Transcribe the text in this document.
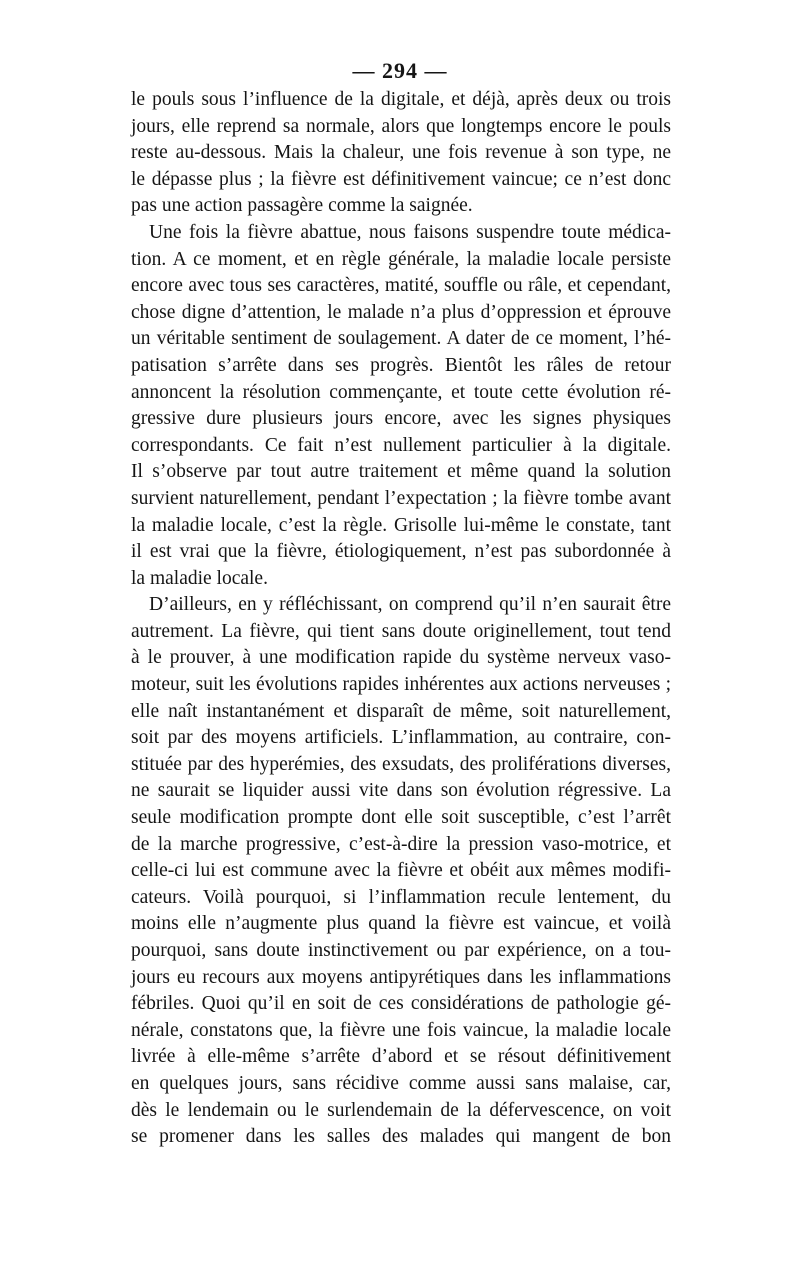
— 294 —

le pouls sous l’influence de la digitale, et déjà, après deux ou trois
jours, elle reprend sa normale, alors que longtemps encore le pouls
reste au-dessous. Mais la chaleur, une fois revenue à son type, ne
le dépasse plus ; la fièvre est définitivement vaincue; ce n’est donc
pas une action passagère comme la saignée.
Une fois la fièvre abattue, nous faisons suspendre toute médica-
tion. A ce moment, et en règle générale, la maladie locale persiste
encore avec tous ses caractères, matité, souffle ou râle, et cependant,
chose digne d’attention, le malade n’a plus d’oppression et éprouve
un véritable sentiment de soulagement. A dater de ce moment, l’hé-
patisation s’arrête dans ses progrès. Bientôt les râles de retour
annoncent la résolution commençante, et toute cette évolution ré-
gressive dure plusieurs jours encore, avec les signes physiques
correspondants. Ce fait n’est nullement particulier à la digitale.
Il s’observe par tout autre traitement et même quand la solution
survient naturellement, pendant l’expectation ; la fièvre tombe avant
la maladie locale, c’est la règle. Grisolle lui-même le constate, tant
il est vrai que la fièvre, étiologiquement, n’est pas subordonnée à
la maladie locale.
D’ailleurs, en y réfléchissant, on comprend qu’il n’en saurait être
autrement. La fièvre, qui tient sans doute originellement, tout tend
à le prouver, à une modification rapide du système nerveux vaso-
moteur, suit les évolutions rapides inhérentes aux actions nerveuses ;
elle naît instantanément et disparaît de même, soit naturellement,
soit par des moyens artificiels. L’inflammation, au contraire, con-
stituée par des hyperémies, des exsudats, des proliférations diverses,
ne saurait se liquider aussi vite dans son évolution régressive. La
seule modification prompte dont elle soit susceptible, c’est l’arrêt
de la marche progressive, c’est-à-dire la pression vaso-motrice, et
celle-ci lui est commune avec la fièvre et obéit aux mêmes modifi-
cateurs. Voilà pourquoi, si l’inflammation recule lentement, du
moins elle n’augmente plus quand la fièvre est vaincue, et voilà
pourquoi, sans doute instinctivement ou par expérience, on a tou-
jours eu recours aux moyens antipyrétiques dans les inflammations
fébriles. Quoi qu’il en soit de ces considérations de pathologie gé-
nérale, constatons que, la fièvre une fois vaincue, la maladie locale
livrée à elle-même s’arrête d’abord et se résout définitivement
en quelques jours, sans récidive comme aussi sans malaise, car,
dès le lendemain ou le surlendemain de la défervescence, on voit
se promener dans les salles des malades qui mangent de bon
